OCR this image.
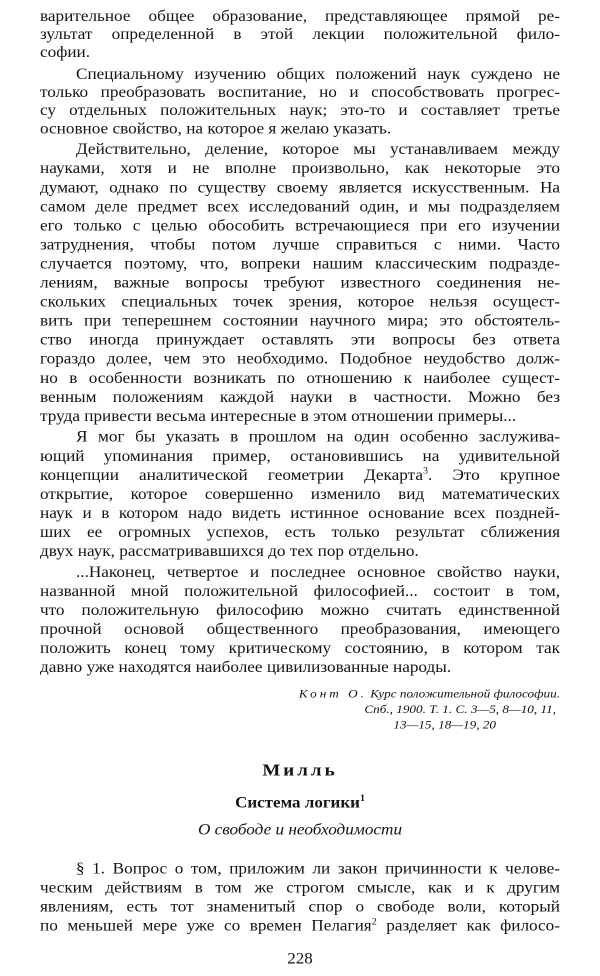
варительное общее образование, представляющее прямой ре-
зультат определенной в этой лекции положительной фило-
софии.
Специальному изучению общих положений наук суждено не
только преобразовать воспитание, но и способствовать прогрес-
су отдельных положительных наук; это-то и составляет третье
основное свойство, на которое я желаю указать.
Действительно, деление, которое мы устанавливаем между
науками, хотя и не вполне произвольно, как некоторые это
думают, однако по существу своему является искусственным. На
самом деле предмет всех исследований один, и мы подразделяем
его только с целью обособить встречающиеся при его изучении
затруднения, чтобы потом лучше справиться с ними. Часто
случается поэтому, что, вопреки нашим классическим подразде-
лениям, важные вопросы требуют известного соединения не-
скольких специальных точек зрения, которое нельзя осущест-
вить при теперешнем состоянии научного мира; это обстоятель-
ство иногда принуждает оставлять эти вопросы без ответа
гораздо долее, чем это необходимо. Подобное неудобство долж-
но в особенности возникать по отношению к наиболее сущест-
венным положениям каждой науки в частности. Можно без
труда привести весьма интересные в этом отношении примеры...
Я мог бы указать в прошлом на один особенно заслужива-
ющий упоминания пример, остановившись на удивительной
концепции аналитической геометрии Декарта$^3$. Это крупное
открытие, которое совершенно изменило вид математических
наук и в котором надо видеть истинное основание всех поздней-
ших ее огромных успехов, есть только результат сближения
двух наук, рассматривавшихся до тех пор отдельно.
...Наконец, четвертое и последнее основное свойство науки,
названной мной положительной философией... состоит в том,
что положительную философию можно считать единственной
прочной основой общественного преобразования, имеющего
положить конец тому критическому состоянию, в котором так
давно уже находятся наиболее цивилизованные народы.
Конт О. Курс положительной философии.
Спб., 1900. Т. 1. С. 3—5, 8—10, 11,
13—15, 18—19, 20
Милль
Система логики$^1$
О свободе и необходимости
§ 1. Вопрос о том, приложим ли закон причинности к челове-
ческим действиям в том же строгом смысле, как и к другим
явлениям, есть тот знаменитый спор о свободе воли, который
по меньшей мере уже со времен Пелагия$^2$ разделяет как филосо-
228
